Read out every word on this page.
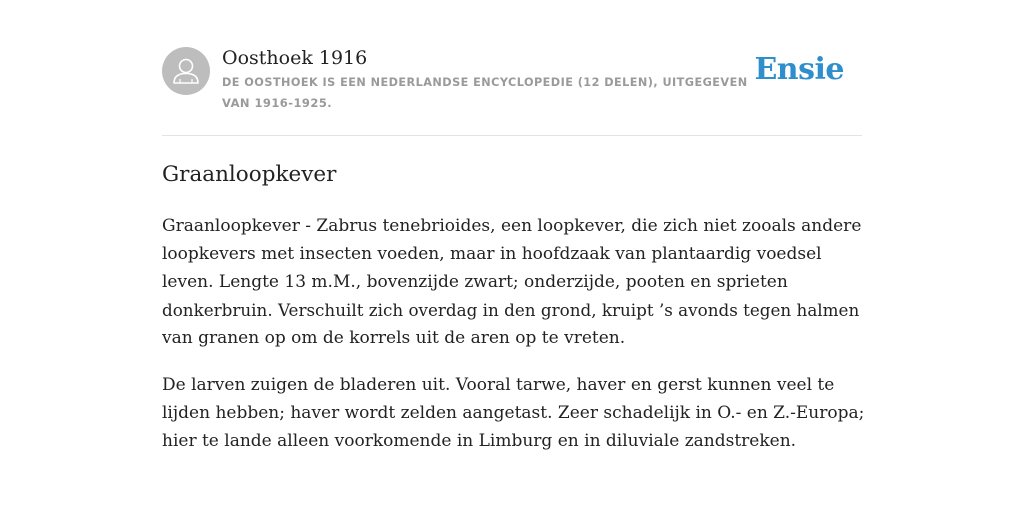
Oosthoek 1916
DE OOSTHOEK IS EEN NEDERLANDSE ENCYCLOPEDIE (12 DELEN), UITGEGEVEN
VAN 1916-1925.
Ensie
Graanloopkever

Graanloopkever - Zabrus tenebrioides, een loopkever, die zich niet zooals andere
loopkevers met insecten voeden, maar in hoofdzaak van plantaardig voedsel
leven. Lengte 13 m.M., bovenzijde zwart; onderzijde, pooten en sprieten
donkerbruin. Verschuilt zich overdag in den grond, kruipt ’s avonds tegen halmen
van granen op om de korrels uit de aren op te vreten.

De larven zuigen de bladeren uit. Vooral tarwe, haver en gerst kunnen veel te
lijden hebben; haver wordt zelden aangetast. Zeer schadelijk in O.- en Z.-Europa;
hier te lande alleen voorkomende in Limburg en in diluviale zandstreken.
